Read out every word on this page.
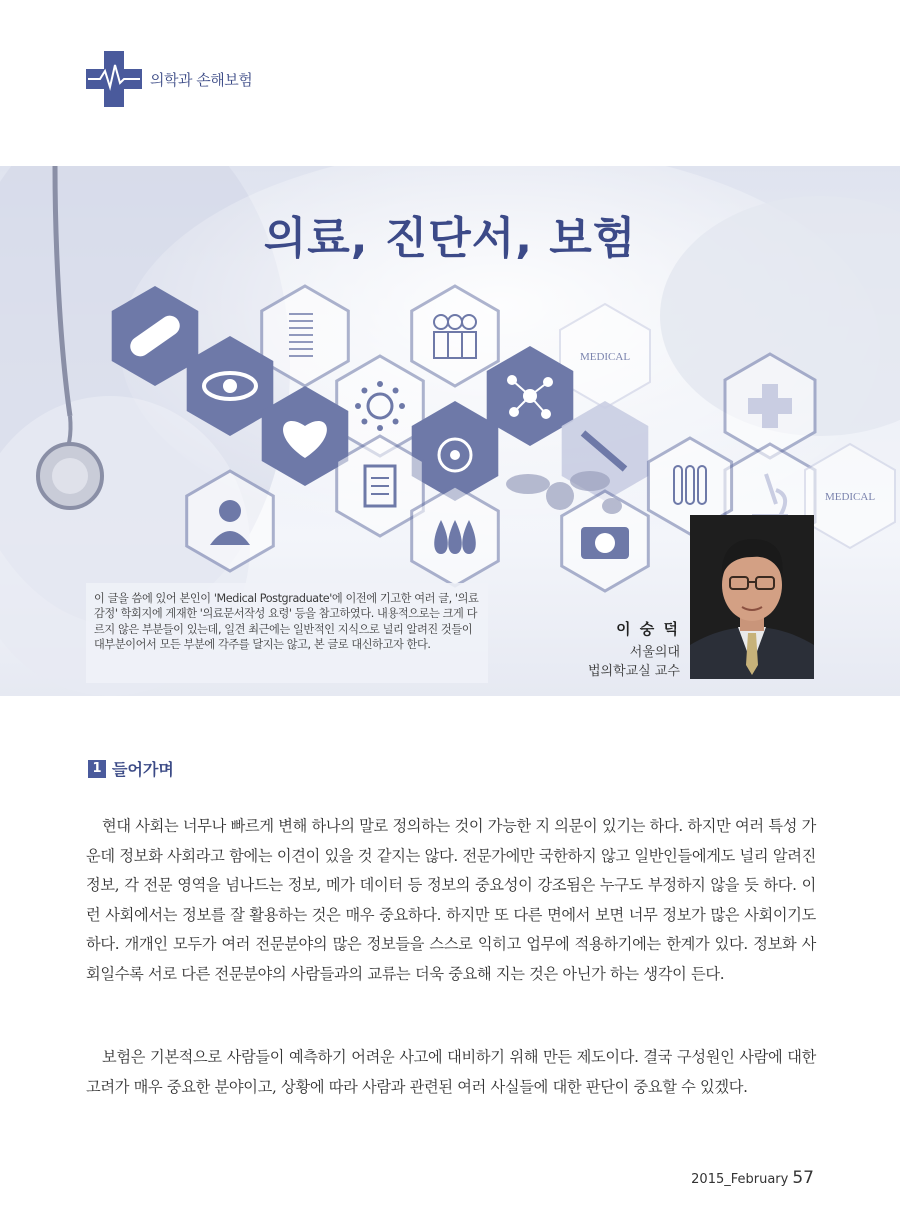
의학과 손해보험
MEDICAL
MEDICAL
의료, 진단서, 보험
이 글을 씀에 있어 본인이 'Medical Postgraduate'에 이전에 기고한 여러 글, '의료감정' 학회지에 게재한 '의료문서작성 요령' 등을 참고하였다. 내용적으로는 크게 다르지 않은 부분들이 있는데, 일견 최근에는 일반적인 지식으로 널리 알려진 것들이 대부분이어서 모든 부분에 각주를 달지는 않고, 본 글로 대신하고자 한다.
이 숭 덕
서울의대
법의학교실 교수
1 들어가며

현대 사회는 너무나 빠르게 변해 하나의 말로 정의하는 것이 가능한 지 의문이 있기는 하다. 하지만 여러 특성 가운데 정보화 사회라고 함에는 이견이 있을 것 같지는 않다. 전문가에만 국한하지 않고 일반인들에게도 널리 알려진 정보, 각 전문 영역을 넘나드는 정보, 메가 데이터 등 정보의 중요성이 강조됨은 누구도 부정하지 않을 듯 하다. 이런 사회에서는 정보를 잘 활용하는 것은 매우 중요하다. 하지만 또 다른 면에서 보면 너무 정보가 많은 사회이기도 하다. 개개인 모두가 여러 전문분야의 많은 정보들을 스스로 익히고 업무에 적용하기에는 한계가 있다. 정보화 사회일수록 서로 다른 전문분야의 사람들과의 교류는 더욱 중요해 지는 것은 아닌가 하는 생각이 든다.

보험은 기본적으로 사람들이 예측하기 어려운 사고에 대비하기 위해 만든 제도이다. 결국 구성원인 사람에 대한 고려가 매우 중요한 분야이고, 상황에 따라 사람과 관련된 여러 사실들에 대한 판단이 중요할 수 있겠다.

2015_February 57
